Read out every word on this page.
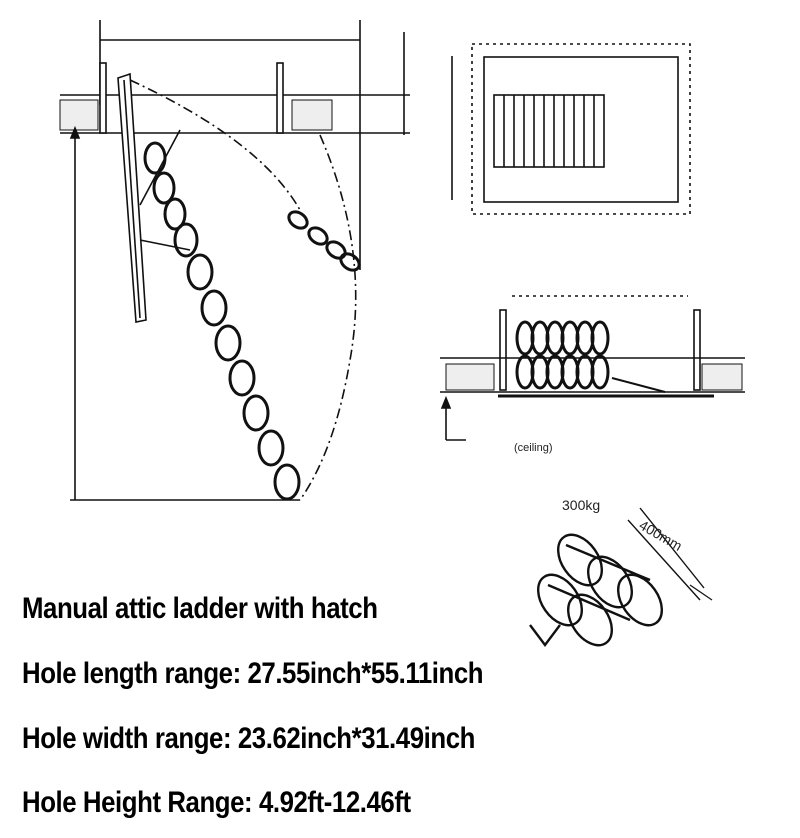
(ceiling)
300kg
400mm

Manual attic ladder with hatch

Hole length range: 27.55inch*55.11inch

Hole width range: 23.62inch*31.49inch

Hole Height Range: 4.92ft-12.46ft
